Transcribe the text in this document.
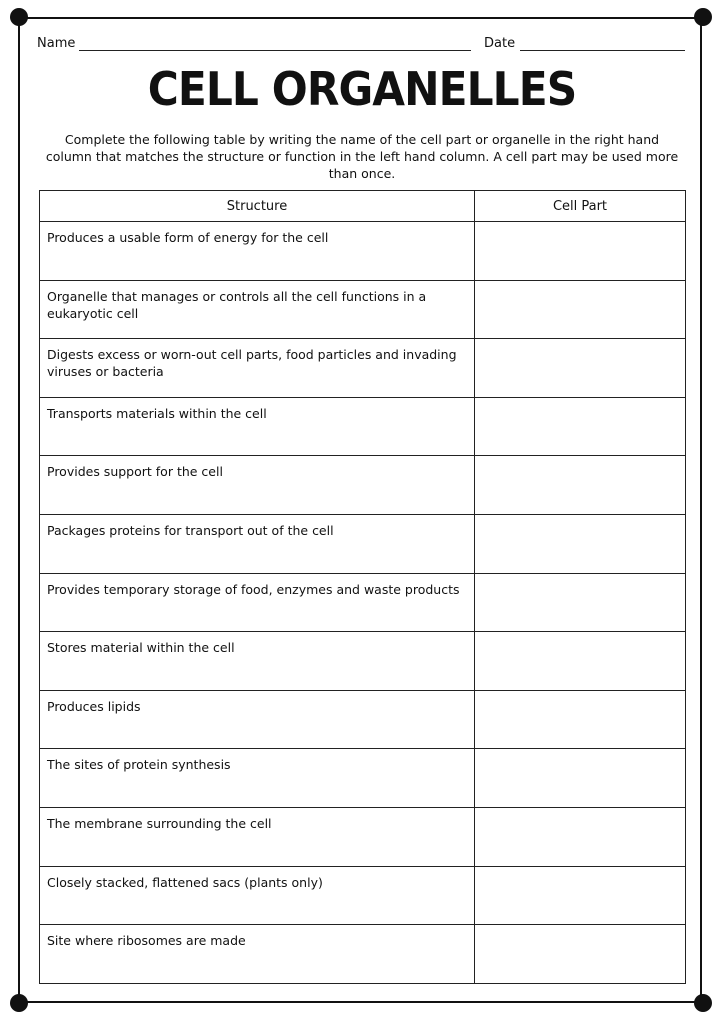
Name	Date
CELL ORGANELLES
Complete the following table by writing the name of the cell part or organelle in the right hand column that matches the structure or function in the left hand column. A cell part may be used more than once.
Structure	Cell Part
Produces a usable form of energy for the cell	
Organelle that manages or controls all the cell functions in a eukaryotic cell	
Digests excess or worn-out cell parts, food particles and invading viruses or bacteria	
Transports materials within the cell	
Provides support for the cell	
Packages proteins for transport out of the cell	
Provides temporary storage of food, enzymes and waste products	
Stores material within the cell	
Produces lipids	
The sites of protein synthesis	
The membrane surrounding the cell	
Closely stacked, flattened sacs (plants only)	
Site where ribosomes are made	
